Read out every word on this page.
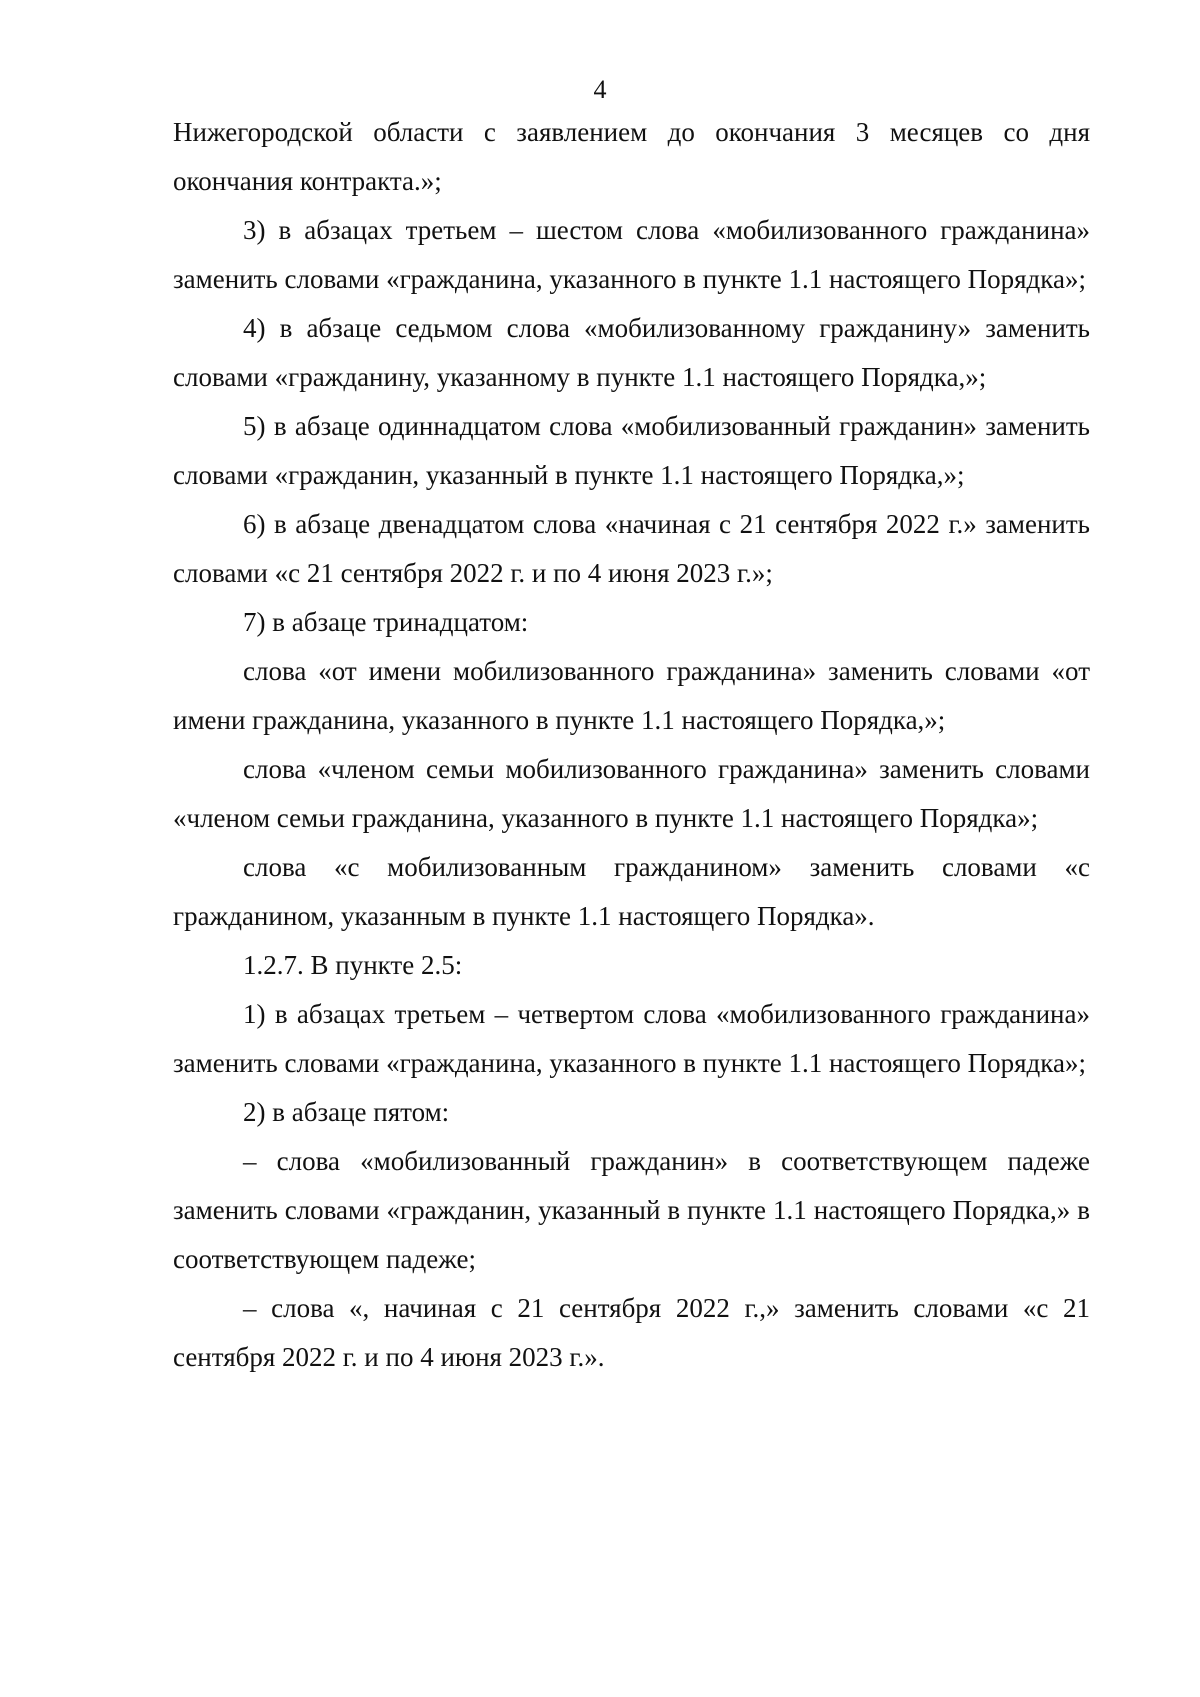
4

Нижегородской области с заявлением до окончания 3 месяцев со дня окончания контракта.»;

3) в абзацах третьем – шестом слова «мобилизованного гражданина» заменить словами «гражданина, указанного в пункте 1.1 настоящего Порядка»;

4) в абзаце седьмом слова «мобилизованному гражданину» заменить словами «гражданину, указанному в пункте 1.1 настоящего Порядка,»;

5) в абзаце одиннадцатом слова «мобилизованный гражданин» заменить словами «гражданин, указанный в пункте 1.1 настоящего Порядка,»;

6) в абзаце двенадцатом слова «начиная с 21 сентября 2022 г.» заменить словами «с 21 сентября 2022 г. и по 4 июня 2023 г.»;

7) в абзаце тринадцатом:

слова «от имени мобилизованного гражданина» заменить словами «от имени гражданина, указанного в пункте 1.1 настоящего Порядка,»;

слова «членом семьи мобилизованного гражданина» заменить словами «членом семьи гражданина, указанного в пункте 1.1 настоящего Порядка»;

слова «с мобилизованным гражданином» заменить словами «с гражданином, указанным в пункте 1.1 настоящего Порядка».

1.2.7. В пункте 2.5:

1) в абзацах третьем – четвертом слова «мобилизованного гражданина» заменить словами «гражданина, указанного в пункте 1.1 настоящего Порядка»;

2) в абзаце пятом:

– слова «мобилизованный гражданин» в соответствующем падеже заменить словами «гражданин, указанный в пункте 1.1 настоящего Порядка,» в соответствующем падеже;

– слова «, начиная с 21 сентября 2022 г.,» заменить словами «с 21 сентября 2022 г. и по 4 июня 2023 г.».
